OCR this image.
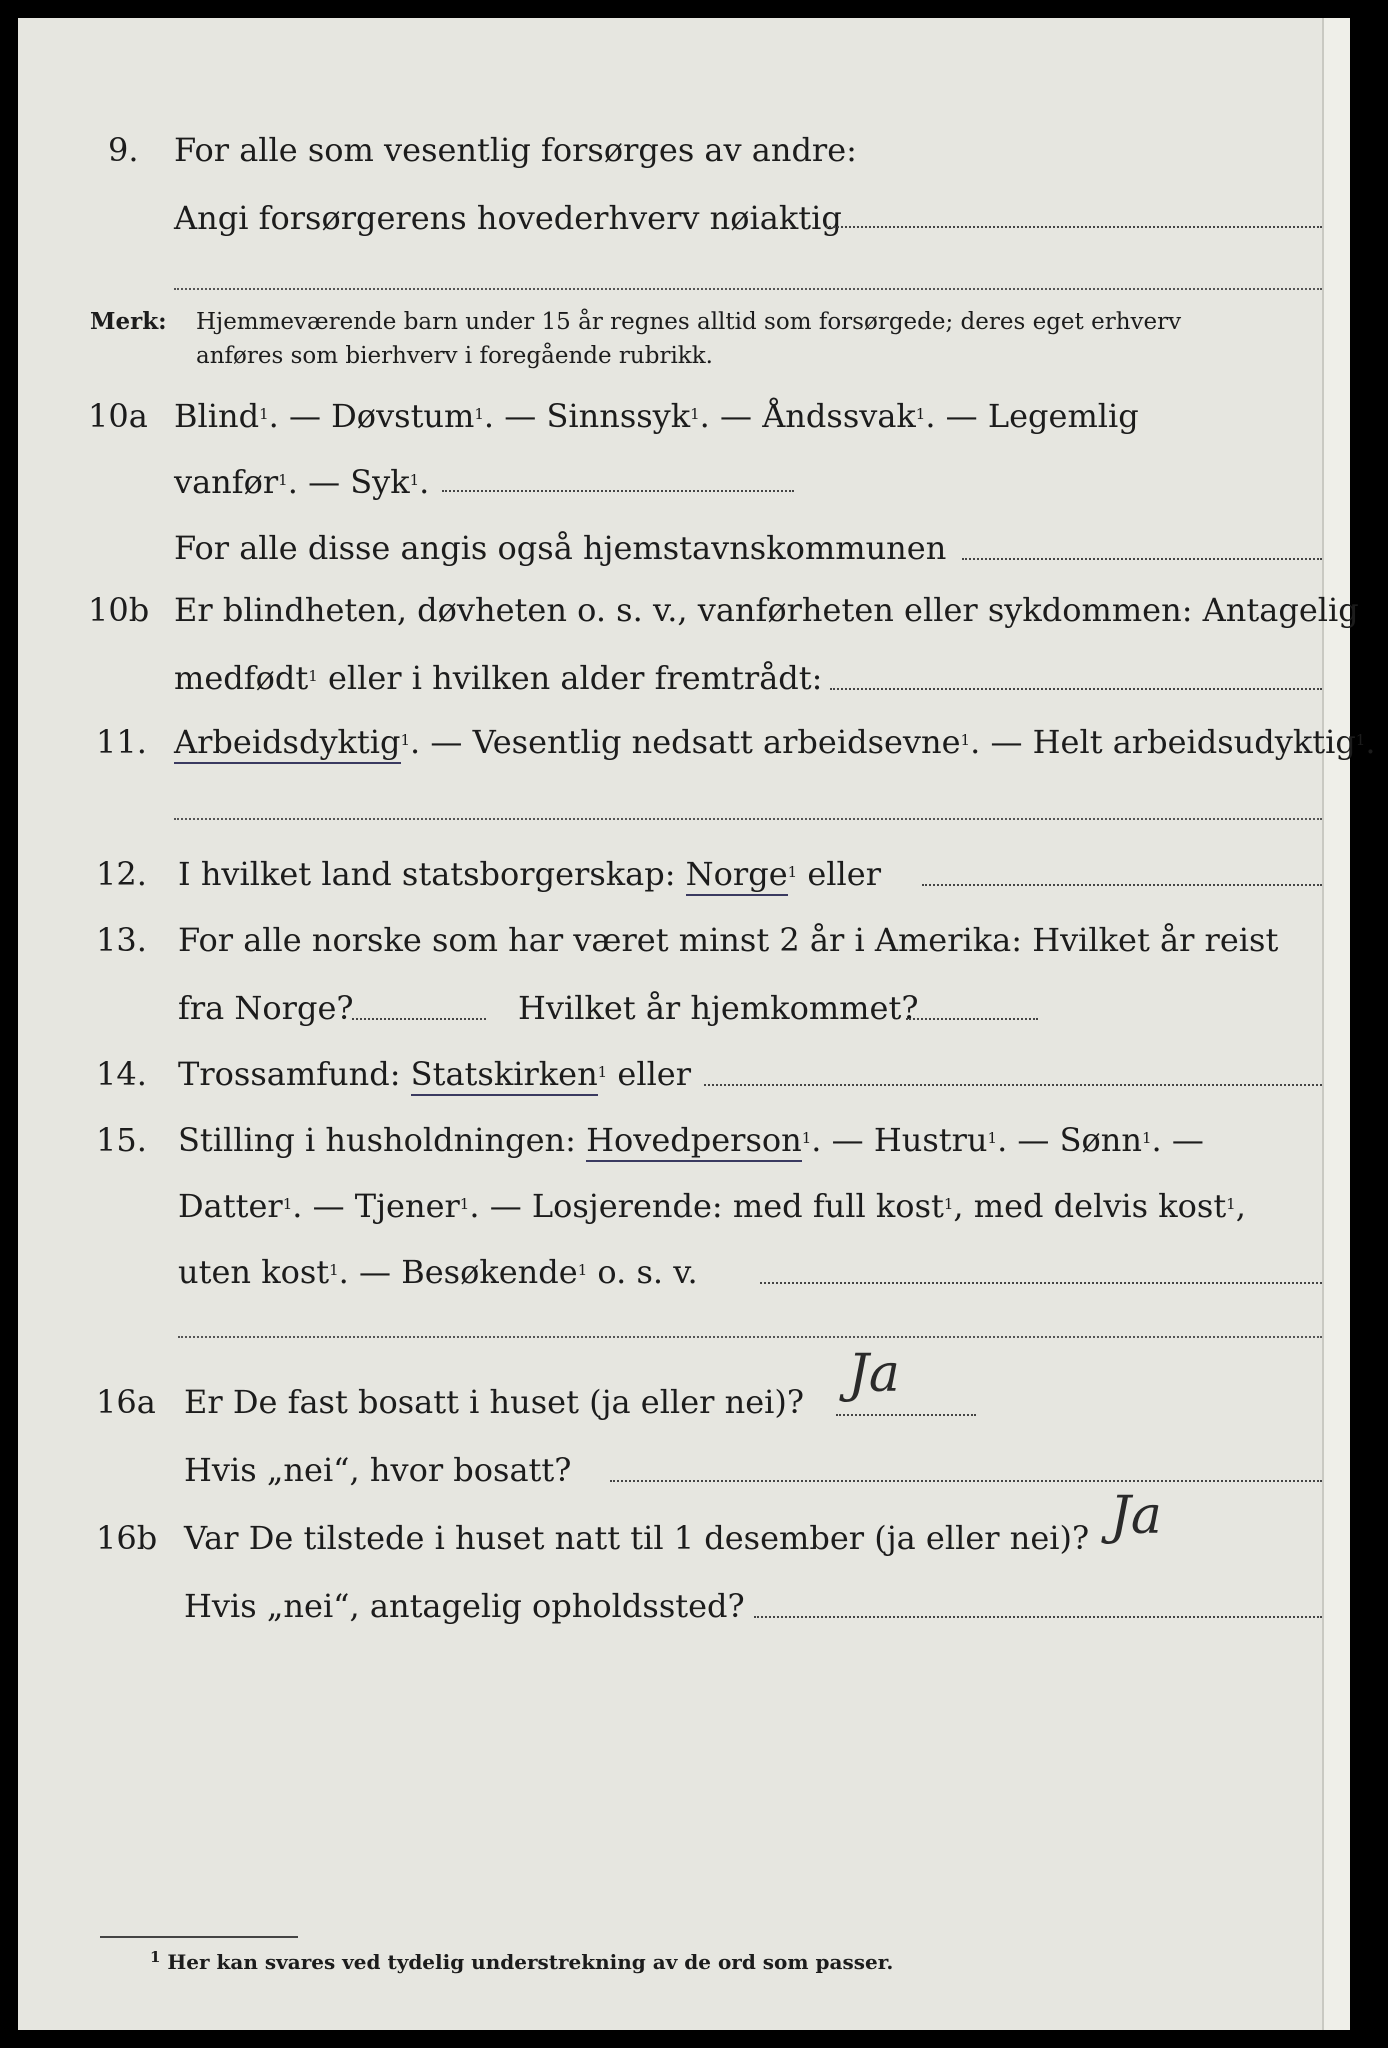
9. For alle som vesentlig forsørges av andre:
Angi forsørgerens hovederhverv nøiaktig
Merk: Hjemmeværende barn under 15 år regnes alltid som forsørgede; deres eget erhverv
anføres som bierhverv i foregående rubrikk.
10a Blind$^1$. — Døvstum$^1$. — Sinnssyk$^1$. — Åndssvak$^1$. — Legemlig
vanfør$^1$. — Syk$^1$.
For alle disse angis også hjemstavnskommunen
10b Er blindheten, døvheten o. s. v., vanførheten eller sykdommen: Antagelig
medfødt$^1$ eller i hvilken alder fremtrådt:
11. Arbeidsdyktig$^1$. — Vesentlig nedsatt arbeidsevne$^1$. — Helt arbeidsudyktig$^1$.
12. I hvilket land statsborgerskap: Norge$^1$ eller
13. For alle norske som har været minst 2 år i Amerika: Hvilket år reist
fra Norge?	Hvilket år hjemkommet?
14. Trossamfund: Statskirken$^1$ eller
15. Stilling i husholdningen: Hovedperson$^1$. — Hustru$^1$. — Sønn$^1$. —
Datter$^1$. — Tjener$^1$. — Losjerende: med full kost$^1$, med delvis kost$^1$,
uten kost$^1$. — Besøkende$^1$ o. s. v.
16a Er De fast bosatt i huset (ja eller nei)? Ja
Hvis „nei“, hvor bosatt?
16b Var De tilstede i huset natt til 1 desember (ja eller nei)? Ja
Hvis „nei“, antagelig opholdssted?
$^1$ Her kan svares ved tydelig understrekning av de ord som passer.
